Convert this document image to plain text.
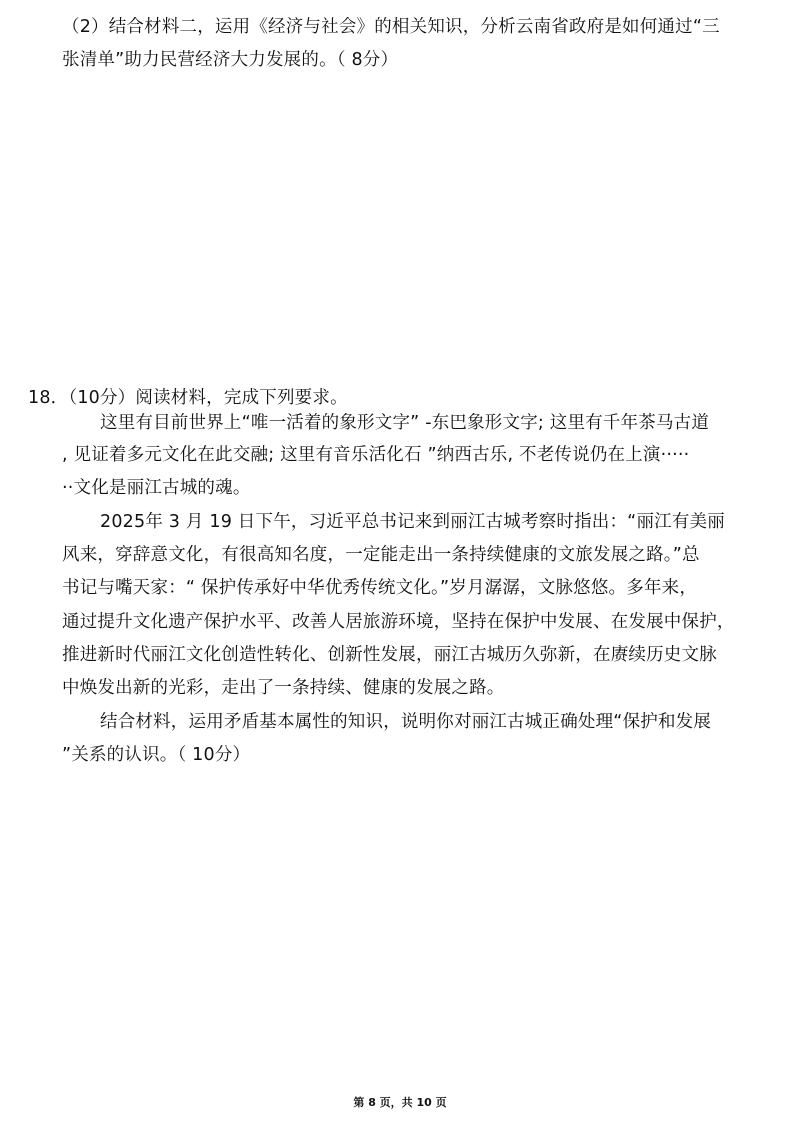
（2）结合材料二，运用《经济与社会》的相关知识，分析云南省政府是如何通过“三
张清单”助力民营经济大力发展的。（ 8分）
18．（10分）阅读材料，完成下列要求。
这里有目前世界上“唯一活着的象形文字” -东巴象形文字; 这里有千年茶马古道
, 见证着多元文化在此交融; 这里有音乐活化石 ”纳西古乐, 不老传说仍在上演·····
··文化是丽江古城的魂。
2025年 3 月 19 日下午，习近平总书记来到丽江古城考察时指出：“丽江有美丽
风来，穿辞意文化，有很高知名度，一定能走出一条持续健康的文旅发展之路。”总
书记与嘴天家：“ 保护传承好中华优秀传统文化。”岁月潺潺，文脉悠悠。多年来，
通过提升文化遗产保护水平、改善人居旅游环境，坚持在保护中发展、在发展中保护，
推进新时代丽江文化创造性转化、创新性发展，丽江古城历久弥新，在赓续历史文脉
中焕发出新的光彩，走出了一条持续、健康的发展之路。
结合材料，运用矛盾基本属性的知识，说明你对丽江古城正确处理“保护和发展
”关系的认识。（ 10分）
第 8 页，共 10 页
